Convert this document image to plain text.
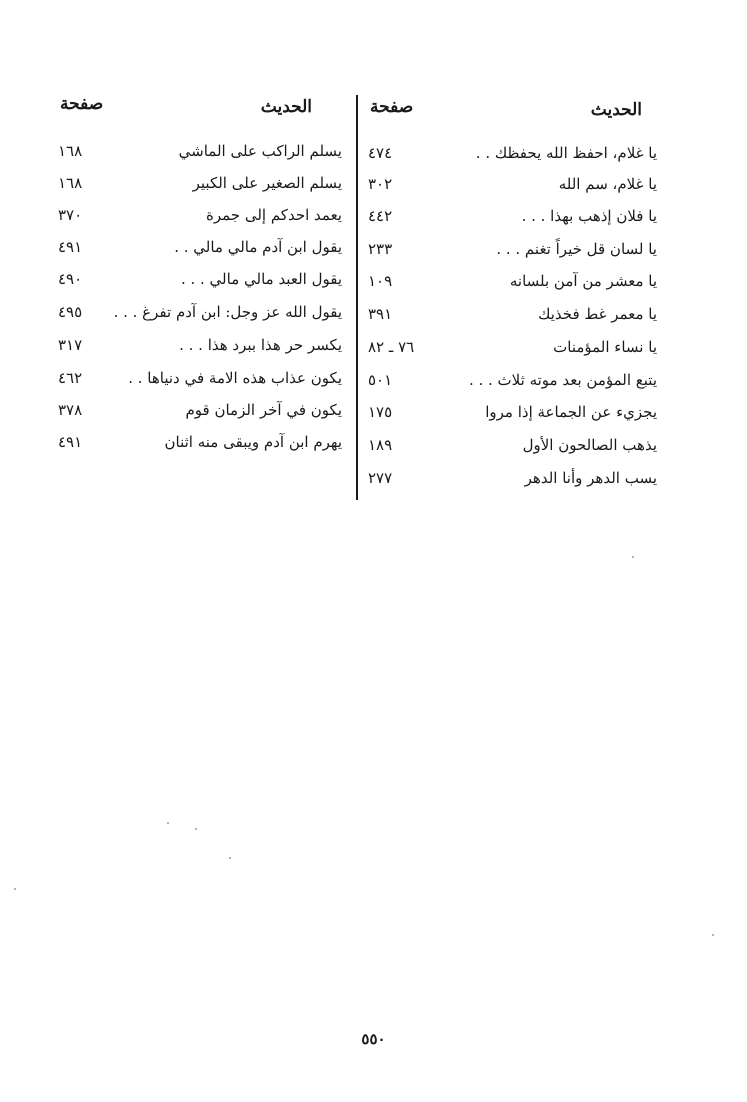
الحديث
صفحة
الحديث
صفحة
يا غلام، احفظ الله يحفظك . .
٤٧٤
يا غلام، سم الله
٣٠٢
يا فلان إذهب بهذا . . .
٤٤٢
يا لسان قل خيراً تغنم . . .
٢٣٣
يا معشر من آمن بلسانه
١٠٩
يا معمر غط فخذيك
٣٩١
يا نساء المؤمنات
٧٦ ـ ٨٢
يتبع المؤمن بعد موته ثلاث . . .
٥٠١
يجزيء عن الجماعة إذا مروا
١٧٥
يذهب الصالحون الأول
١٨٩
يسب الدهر وأنا الدهر
٢٧٧
يسلم الراكب على الماشي
١٦٨
يسلم الصغير على الكبير
١٦٨
يعمد احدكم إلى جمرة
٣٧٠
يقول ابن آدم مالي مالي . .
٤٩١
يقول العبد مالي مالي . . .
٤٩٠
يقول الله عز وجل: ابن آدم تفرغ . . .
٤٩٥
يكسر حر هذا ببرد هذا . . .
٣١٧
يكون عذاب هذه الامة في دنياها . .
٤٦٢
يكون في آخر الزمان قوم
٣٧٨
يهرم ابن آدم ويبقى منه اثنان
٤٩١
٥٥٠
